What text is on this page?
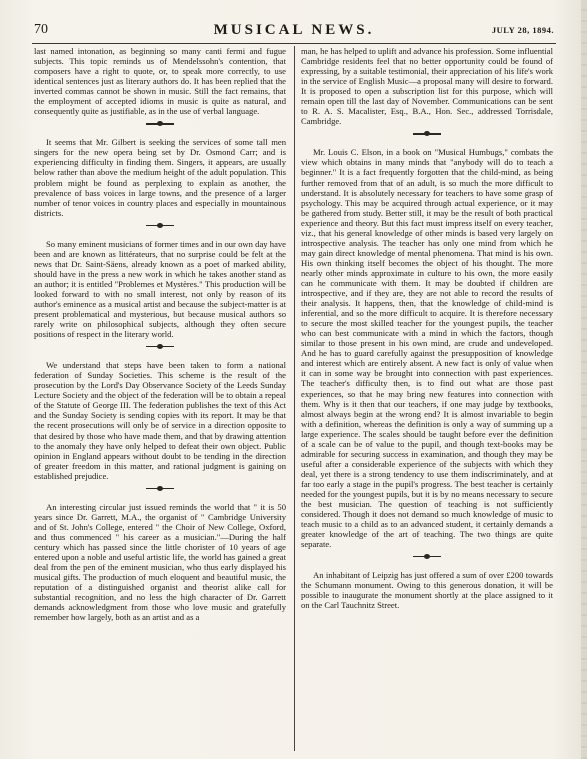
70	MUSICAL NEWS.	JULY 28, 1894.

last named intonation, as beginning so many canti fermi and fugue subjects. This topic reminds us of Mendelssohn's contention, that composers have a right to quote, or, to speak more correctly, to use identical sentences just as literary authors do. It has been replied that the inverted commas cannot be shown in music. Still the fact remains, that the employment of accepted idioms in music is quite as natural, and consequently quite as justifiable, as in the use of verbal language.

It seems that Mr. Gilbert is seeking the services of some tall men singers for the new opera being set by Dr. Osmond Carr; and is experiencing difficulty in finding them. Singers, it appears, are usually below rather than above the medium height of the adult population. This problem might be found as perplexing to explain as another, the prevalence of bass voices in large towns, and the presence of a larger number of tenor voices in country places and especially in mountainous districts.

So many eminent musicians of former times and in our own day have been and are known as littérateurs, that no surprise could be felt at the news that Dr. Saint-Säens, already known as a poet of marked ability, should have in the press a new work in which he takes another stand as an author; it is entitled "Problemes et Mystères." This production will be looked forward to with no small interest, not only by reason of its author's eminence as a musical artist and because the subject-matter is at present problematical and mysterious, but because musical authors so rarely write on philosophical subjects, although they often secure positions of respect in the literary world.

We understand that steps have been taken to form a national federation of Sunday Societies. This scheme is the result of the prosecution by the Lord's Day Observance Society of the Leeds Sunday Lecture Society and the object of the federation will be to obtain a repeal of the Statute of George III. The federation publishes the text of this Act and the Sunday Society is sending copies with its report. It may be that the recent prosecutions will only be of service in a direction opposite to that desired by those who have made them, and that by drawing attention to the anomaly they have only helped to defeat their own object. Public opinion in England appears without doubt to be tending in the direction of greater freedom in this matter, and rational judgment is gaining on established prejudice.

An interesting circular just issued reminds the world that " it is 50 years since Dr. Garrett, M.A., the organist of " Cambridge University and of St. John's College, entered " the Choir of New College, Oxford, and thus commenced " his career as a musician."—During the half century which has passed since the little chorister of 10 years of age entered upon a noble and useful artistic life, the world has gained a great deal from the pen of the eminent musician, who thus early displayed his musical gifts. The production of much eloquent and beautiful music, the reputation of a distinguished organist and theorist alike call for substantial recognition, and no less the high character of Dr. Garrett demands acknowledgment from those who love music and gratefully remember how largely, both as an artist and as a

man, he has helped to uplift and advance his profession. Some influential Cambridge residents feel that no better opportunity could be found of expressing, by a suitable testimonial, their appreciation of his life's work in the service of English Music—a proposal many will desire to forward. It is proposed to open a subscription list for this purpose, which will remain open till the last day of November. Communications can be sent to R. A. S. Macalister, Esq., B.A., Hon. Sec., addressed Torrisdale, Cambridge.

Mr. Louis C. Elson, in a book on "Musical Humbugs," combats the view which obtains in many minds that "anybody will do to teach a beginner." It is a fact frequently forgotten that the child-mind, as being further removed from that of an adult, is so much the more difficult to understand. It is absolutely necessary for teachers to have some grasp of psychology. This may be acquired through actual experience, or it may be gathered from study. Better still, it may be the result of both practical experience and theory. But this fact must impress itself on every teacher, viz., that his general knowledge of other minds is based very largely on introspective analysis. The teacher has only one mind from which he may gain direct knowledge of mental phenomena. That mind is his own. His own thinking itself becomes the object of his thought. The more nearly other minds approximate in culture to his own, the more easily can he communicate with them. It may be doubted if children are introspective, and if they are, they are not able to record the results of their analysis. It happens, then, that the knowledge of child-mind is inferential, and so the more difficult to acquire. It is therefore necessary to secure the most skilled teacher for the youngest pupils, the teacher who can best communicate with a mind in which the factors, though similar to those present in his own mind, are crude and undeveloped. And he has to guard carefully against the presupposition of knowledge and interest which are entirely absent. A new fact is only of value when it can in some way be brought into connection with past experiences. The teacher's difficulty then, is to find out what are those past experiences, so that he may bring new features into connection with them. Why is it then that our teachers, if one may judge by textbooks, almost always begin at the wrong end? It is almost invariable to begin with a definition, whereas the definition is only a way of summing up a large experience. The scales should be taught before ever the definition of a scale can be of value to the pupil, and though text-books may be admirable for securing success in examination, and though they may be useful after a considerable experience of the subjects with which they deal, yet there is a strong tendency to use them indiscriminately, and at far too early a stage in the pupil's progress. The best teacher is certainly needed for the youngest pupils, but it is by no means necessary to secure the best musician. The question of teaching is not sufficiently considered. Though it does not demand so much knowledge of music to teach music to a child as to an advanced student, it certainly demands a greater knowledge of the art of teaching. The two things are quite separate.

An inhabitant of Leipzig has just offered a sum of over £200 towards the Schumann monument. Owing to this generous donation, it will be possible to inaugurate the monument shortly at the place assigned to it on the Carl Tauchnitz Street.
